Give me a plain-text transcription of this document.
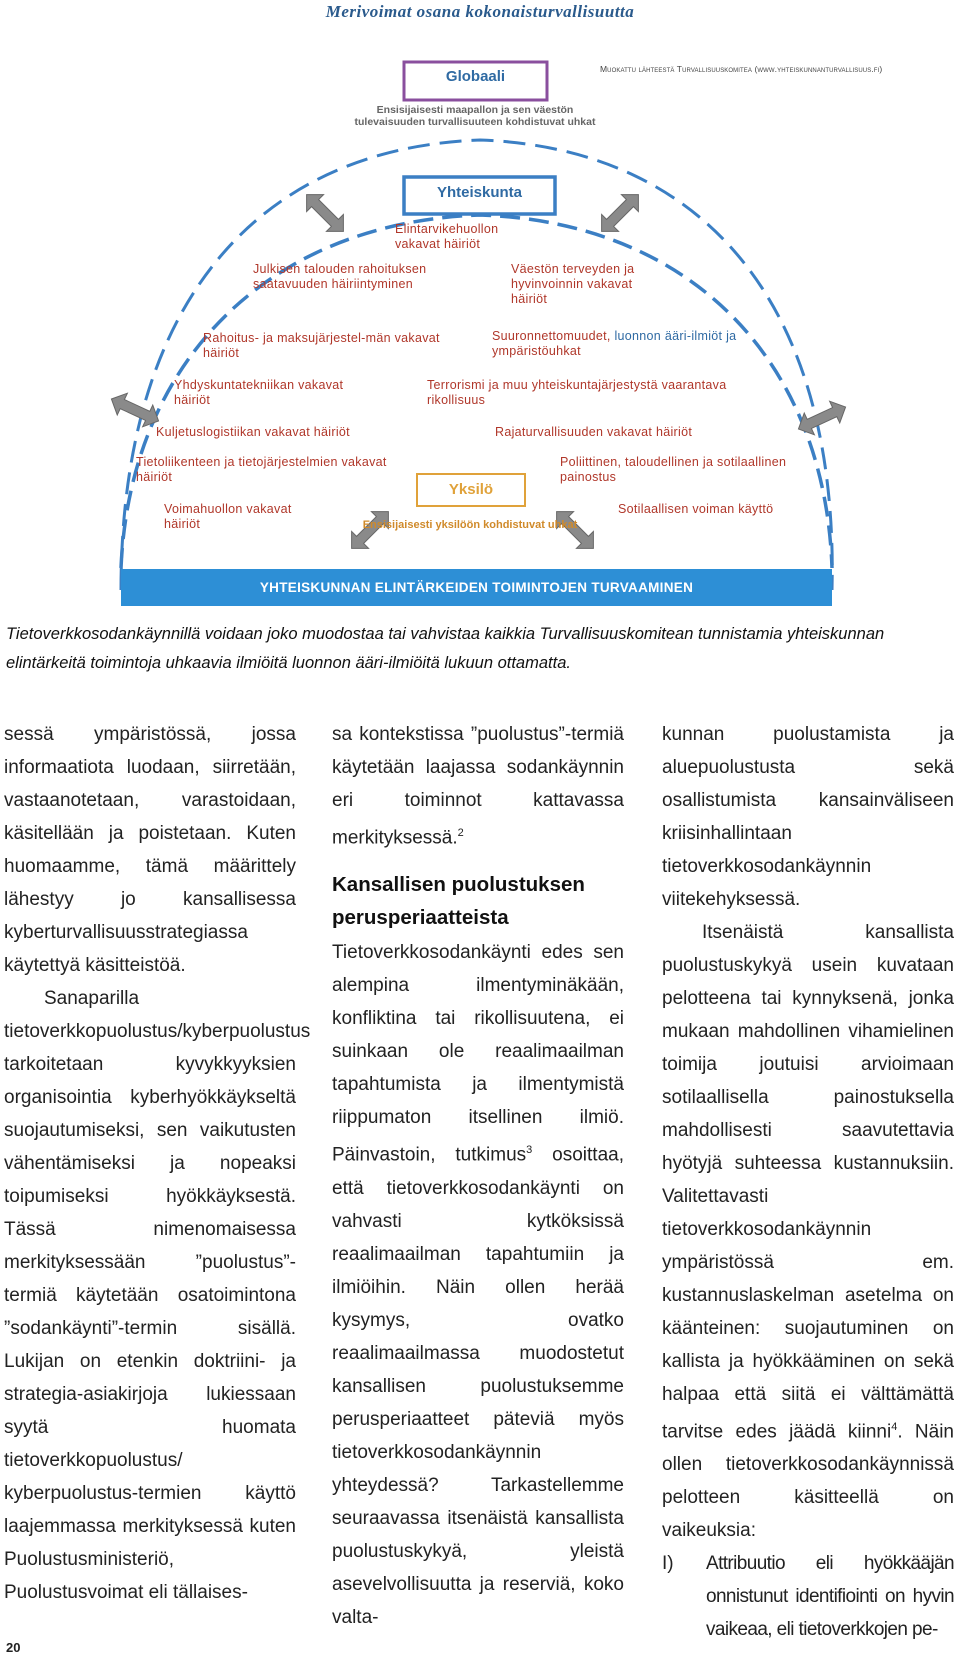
Merivoimat osana kokonaisturvallisuutta
Muokattu lähteestä Turvallisuuskomitea (www.yhteiskunnanturvallisuus.fi)
Globaali
Ensisijaisesti maapallon ja sen väestön
tulevaisuuden turvallisuuteen kohdistuvat uhkat
Yhteiskunta
Yksilö
Ensisijaisesti yksilöön kohdistuvat uhkat
Elintarvikehuollon
vakavat häiriöt
Julkisen talouden rahoituksen
saatavuuden häiriintyminen
Väestön terveyden ja
hyvinvoinnin vakavat
häiriöt
Rahoitus- ja maksujärjestel-män vakavat
häiriöt
Suuronnettomuudet, luonnon ääri-ilmiöt ja
ympäristöuhkat
Yhdyskuntatekniikan vakavat
häiriöt
Terrorismi ja muu yhteiskuntajärjestystä vaarantava
rikollisuus
Kuljetuslogistiikan vakavat häiriöt	Rajaturvallisuuden vakavat häiriöt
Tietoliikenteen ja tietojärjestelmien vakavat
häiriöt
Poliittinen, taloudellinen ja sotilaallinen
painostus
Voimahuollon vakavat
häiriöt
Sotilaallisen voiman käyttö
YHTEISKUNNAN ELINTÄRKEIDEN TOIMINTOJEN TURVAAMINEN
Tietoverkkosodankäynnillä voidaan joko muodostaa tai vahvistaa kaikkia Turvallisuuskomitean tunnistamia yhteiskunnan elintärkeitä toimintoja uhkaavia ilmiöitä luonnon ääri-ilmiöitä lukuun ottamatta.

sessä ympäristössä, jossa informaatiota luodaan, siirretään, vastaanotetaan, varastoidaan, käsitellään ja poistetaan. Kuten huomaamme, tämä määrittely lähestyy jo kansallisessa kyberturvallisuusstrategiassa käytettyä käsitteistöä.

Sanaparilla tietoverkkopuolustus/kyberpuolustus tarkoitetaan kyvykkyyksien organisointia kyberhyökkäykseltä suojautumiseksi, sen vaikutusten vähentämiseksi ja nopeaksi toipumiseksi hyökkäyksestä. Tässä nimenomaisessa merkityksessään ”puolustus”-termiä käytetään osatoimintona ”sodankäynti”-termin sisällä. Lukijan on etenkin doktriini- ja strategia-asiakirjoja lukiessaan syytä huomata tietoverkkopuolustus/ kyberpuolustus-termien käyttö laajemmassa merkityksessä kuten Puolustusministeriö, Puolustusvoimat eli tällaises-

sa kontekstissa ”puolustus”-termiä käytetään laajassa sodankäynnin eri toiminnot kattavassa merkityksessä.$^2$

Kansallisen puolustuksen perusperiaatteista

Tietoverkkosodankäynti edes sen alempina ilmentyminäkään, konfliktina tai rikollisuutena, ei suinkaan ole reaalimaailman tapahtumista ja ilmentymistä riippumaton itsellinen ilmiö. Päinvastoin, tutkimus$^3$ osoittaa, että tietoverkkosodankäynti on vahvasti kytköksissä reaalimaailman tapahtumiin ja ilmiöihin. Näin ollen herää kysymys, ovatko reaalimaailmassa muodostetut kansallisen puolustuksemme perusperiaatteet päteviä myös tietoverkkosodankäynnin yhteydessä? Tarkastellemme seuraavassa itsenäistä kansallista puolustuskykyä, yleistä asevelvollisuutta ja reserviä, koko valta-

kunnan puolustamista ja aluepuolustusta sekä osallistumista kansainväliseen kriisinhallintaan tietoverkkosodankäynnin viitekehyksessä.

Itsenäistä kansallista puolustuskykyä usein kuvataan pelotteena tai kynnyksenä, jonka mukaan mahdollinen vihamielinen toimija joutuisi arvioimaan sotilaallisella painostuksella mahdollisesti saavutettavia hyötyjä suhteessa kustannuksiin. Valitettavasti tietoverkkosodankäynnin ympäristössä em. kustannuslaskelman asetelma on käänteinen: suojautuminen on kallista ja hyökkääminen on sekä halpaa että siitä ei välttämättä tarvitse edes jäädä kiinni$^4$. Näin ollen tietoverkkosodankäynnissä pelotteen käsitteellä on vaikeuksia:

I)	Attribuutio eli hyökkääjän onnistunut identifiointi on hyvin vaikeaa, eli tietoverkkojen pe-
20
